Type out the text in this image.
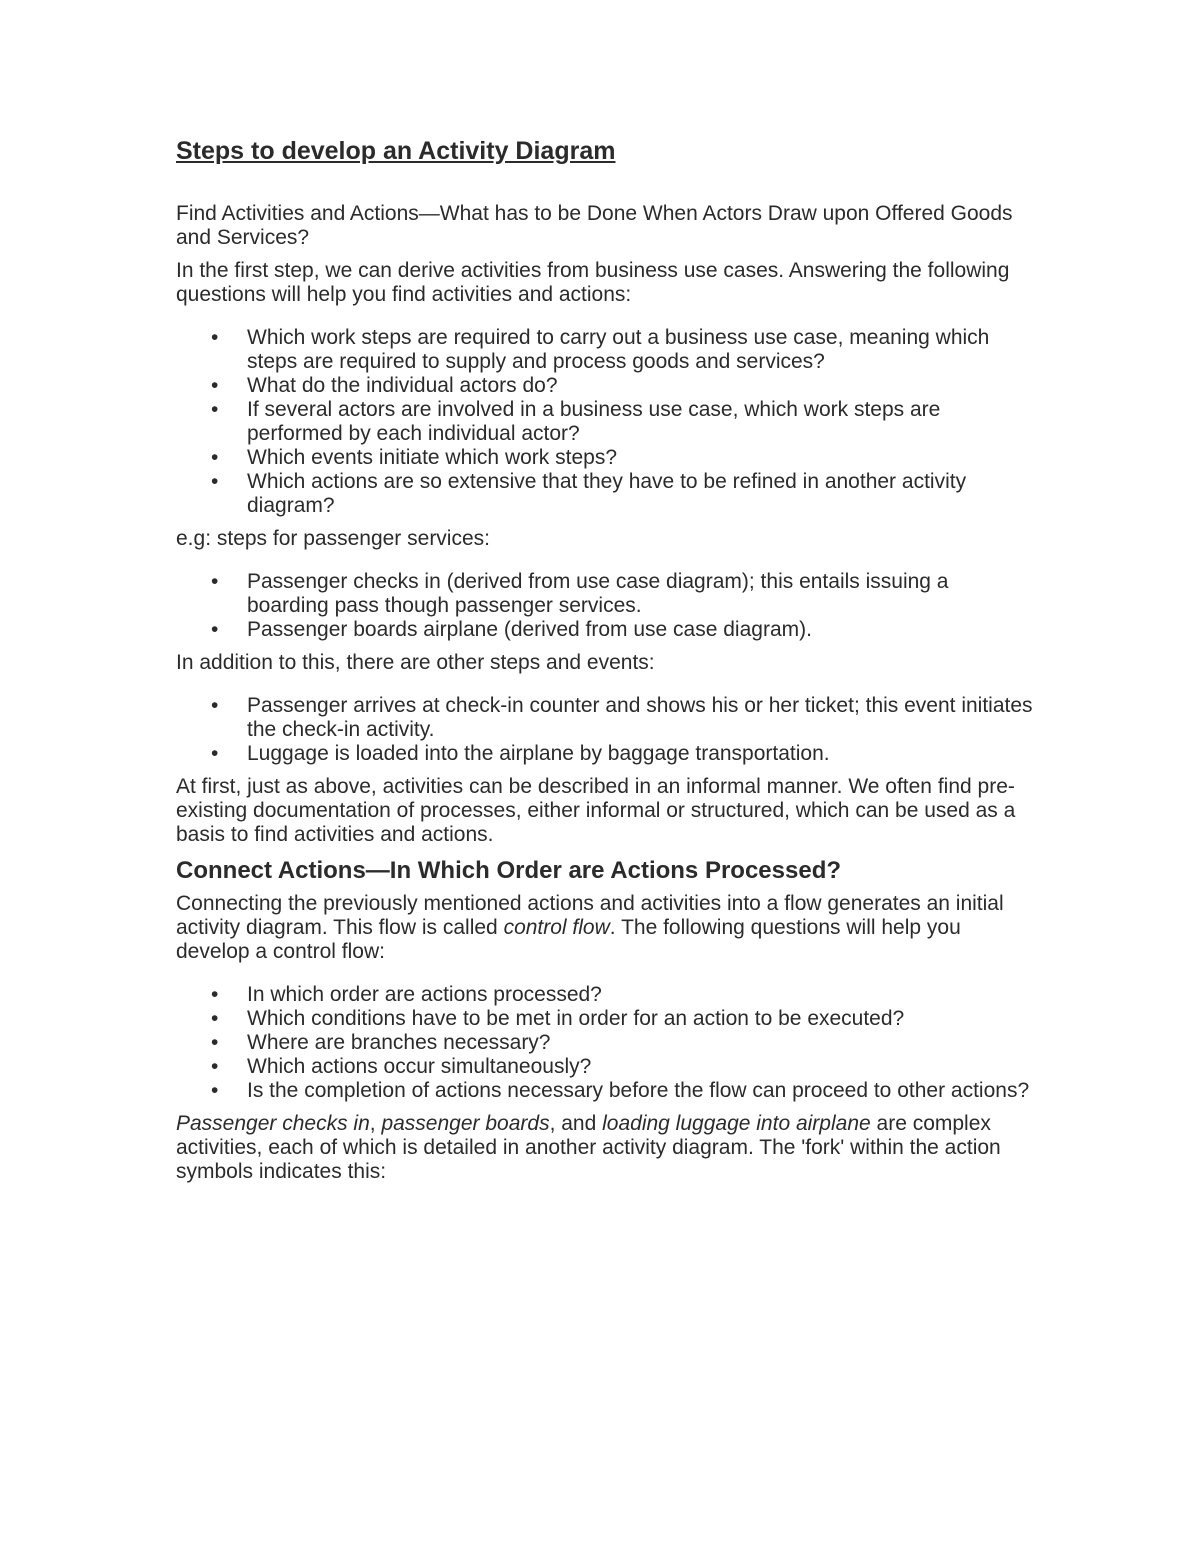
Steps to develop an Activity Diagram

Find Activities and Actions—What has to be Done When Actors Draw upon Offered Goods and Services?

In the first step, we can derive activities from business use cases. Answering the following questions will help you find activities and actions:

• Which work steps are required to carry out a business use case, meaning which steps are required to supply and process goods and services?
• What do the individual actors do?
• If several actors are involved in a business use case, which work steps are performed by each individual actor?
• Which events initiate which work steps?
• Which actions are so extensive that they have to be refined in another activity diagram?

e.g: steps for passenger services:

• Passenger checks in (derived from use case diagram); this entails issuing a boarding pass though passenger services.
• Passenger boards airplane (derived from use case diagram).

In addition to this, there are other steps and events:

• Passenger arrives at check-in counter and shows his or her ticket; this event initiates the check-in activity.
• Luggage is loaded into the airplane by baggage transportation.

At first, just as above, activities can be described in an informal manner. We often find pre-existing documentation of processes, either informal or structured, which can be used as a basis to find activities and actions.

Connect Actions—In Which Order are Actions Processed?

Connecting the previously mentioned actions and activities into a flow generates an initial activity diagram. This flow is called control flow. The following questions will help you develop a control flow:

• In which order are actions processed?
• Which conditions have to be met in order for an action to be executed?
• Where are branches necessary?
• Which actions occur simultaneously?
• Is the completion of actions necessary before the flow can proceed to other actions?

Passenger checks in, passenger boards, and loading luggage into airplane are complex activities, each of which is detailed in another activity diagram. The 'fork' within the action symbols indicates this:
